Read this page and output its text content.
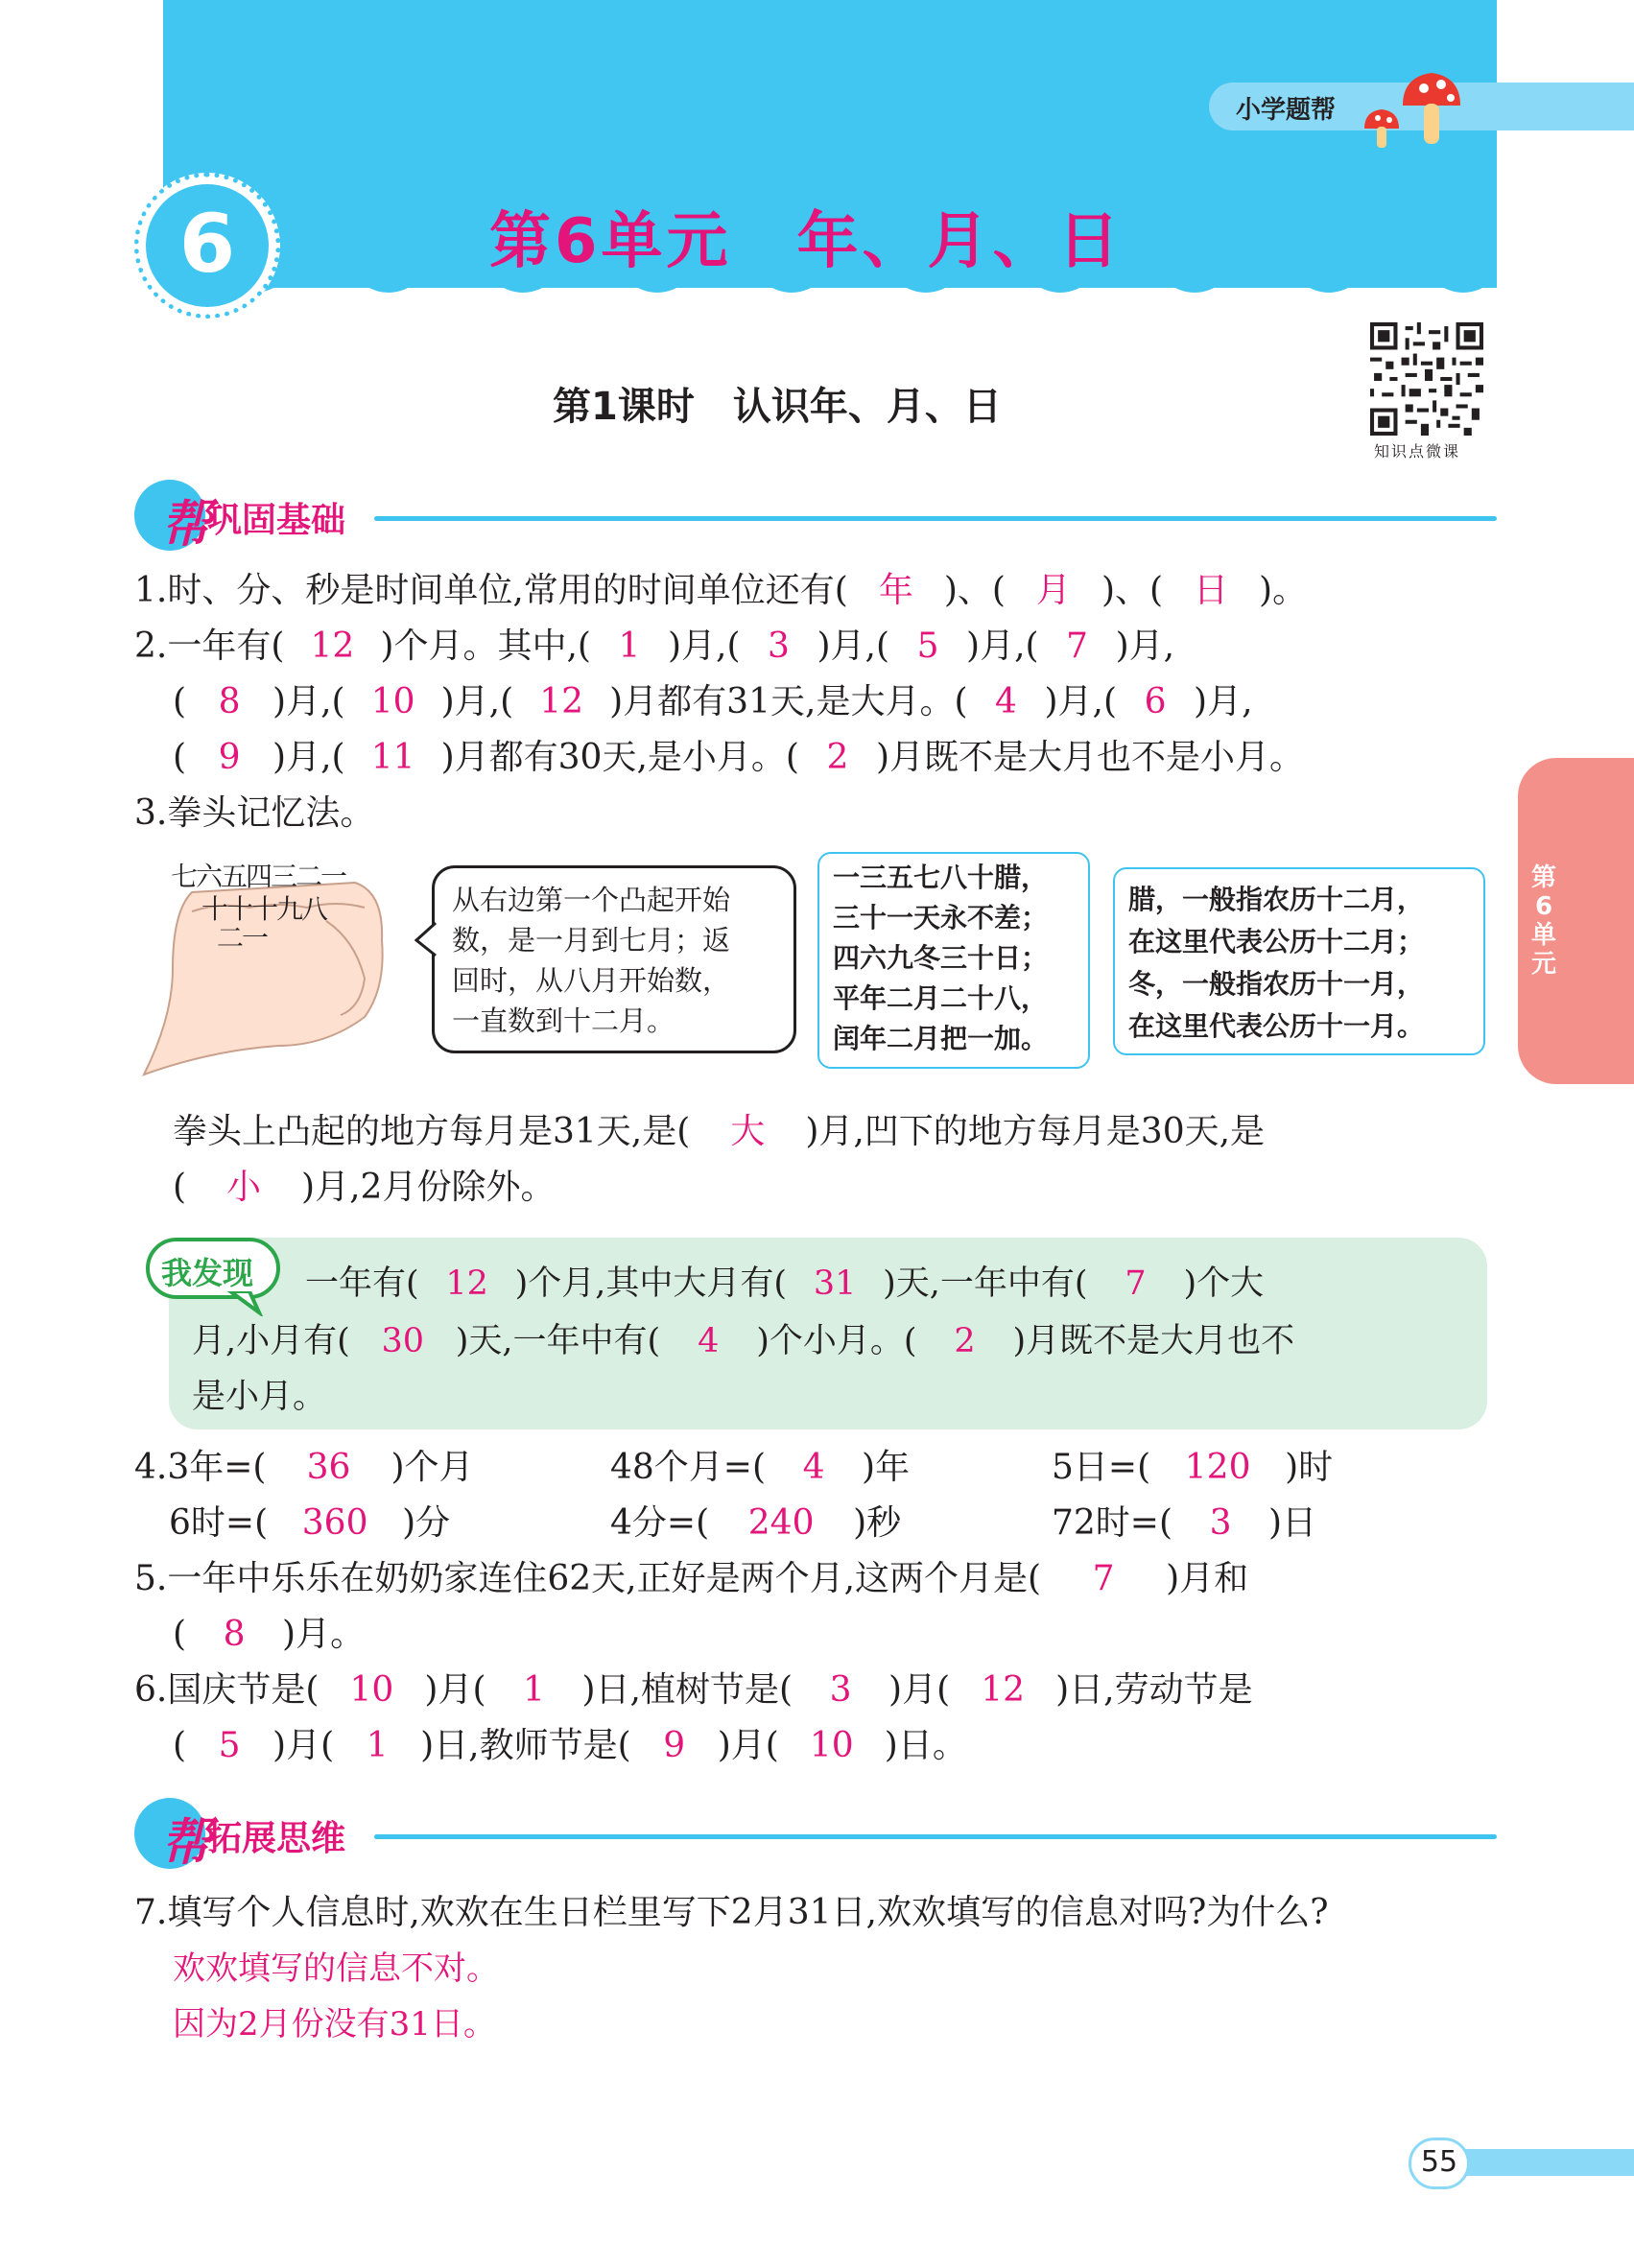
小学题帮
6	第6单元　年、月、日
第1课时　认识年、月、日
知识点微课
第6单元
帮
巩固基础
1.时、分、秒是时间单位,常用的时间单位还有( 年 )、( 月 )、( 日 )。
2.一年有( 12 )个月。其中,( 1 )月,( 3 )月,( 5 )月,( 7 )月,
( 8 )月,( 10 )月,( 12 )月都有31天,是大月。( 4 )月,( 6 )月,
( 9 )月,( 11 )月都有30天,是小月。( 2 )月既不是大月也不是小月。
3.拳头记忆法。
七六五四三二一
十十十九八
二一
从右边第一个凸起开始
数，是一月到七月；返
回时，从八月开始数，
一直数到十二月。
一三五七八十腊，
三十一天永不差；
四六九冬三十日；
平年二月二十八，
闰年二月把一加。
腊，一般指农历十二月，
在这里代表公历十二月；
冬，一般指农历十一月，
在这里代表公历十一月。
拳头上凸起的地方每月是31天,是( 大 )月,凹下的地方每月是30天,是
( 小 )月,2月份除外。
我发现 一年有( 12 )个月,其中大月有( 31 )天,一年中有( 7 )个大
月,小月有( 30 )天,一年中有( 4 )个小月。( 2 )月既不是大月也不
是小月。
4.3年=( 36 )个月	48个月=( 4 )年	5日=( 120 )时
6时=( 360 )分	4分=( 240 )秒	72时=( 3 )日
5.一年中乐乐在奶奶家连住62天,正好是两个月,这两个月是( 7 )月和
( 8 )月。
6.国庆节是( 10 )月( 1 )日,植树节是( 3 )月( 12 )日,劳动节是
( 5 )月( 1 )日,教师节是( 9 )月( 10 )日。
帮
拓展思维
7.填写个人信息时,欢欢在生日栏里写下2月31日,欢欢填写的信息对吗?为什么?
欢欢填写的信息不对。
因为2月份没有31日。
55
